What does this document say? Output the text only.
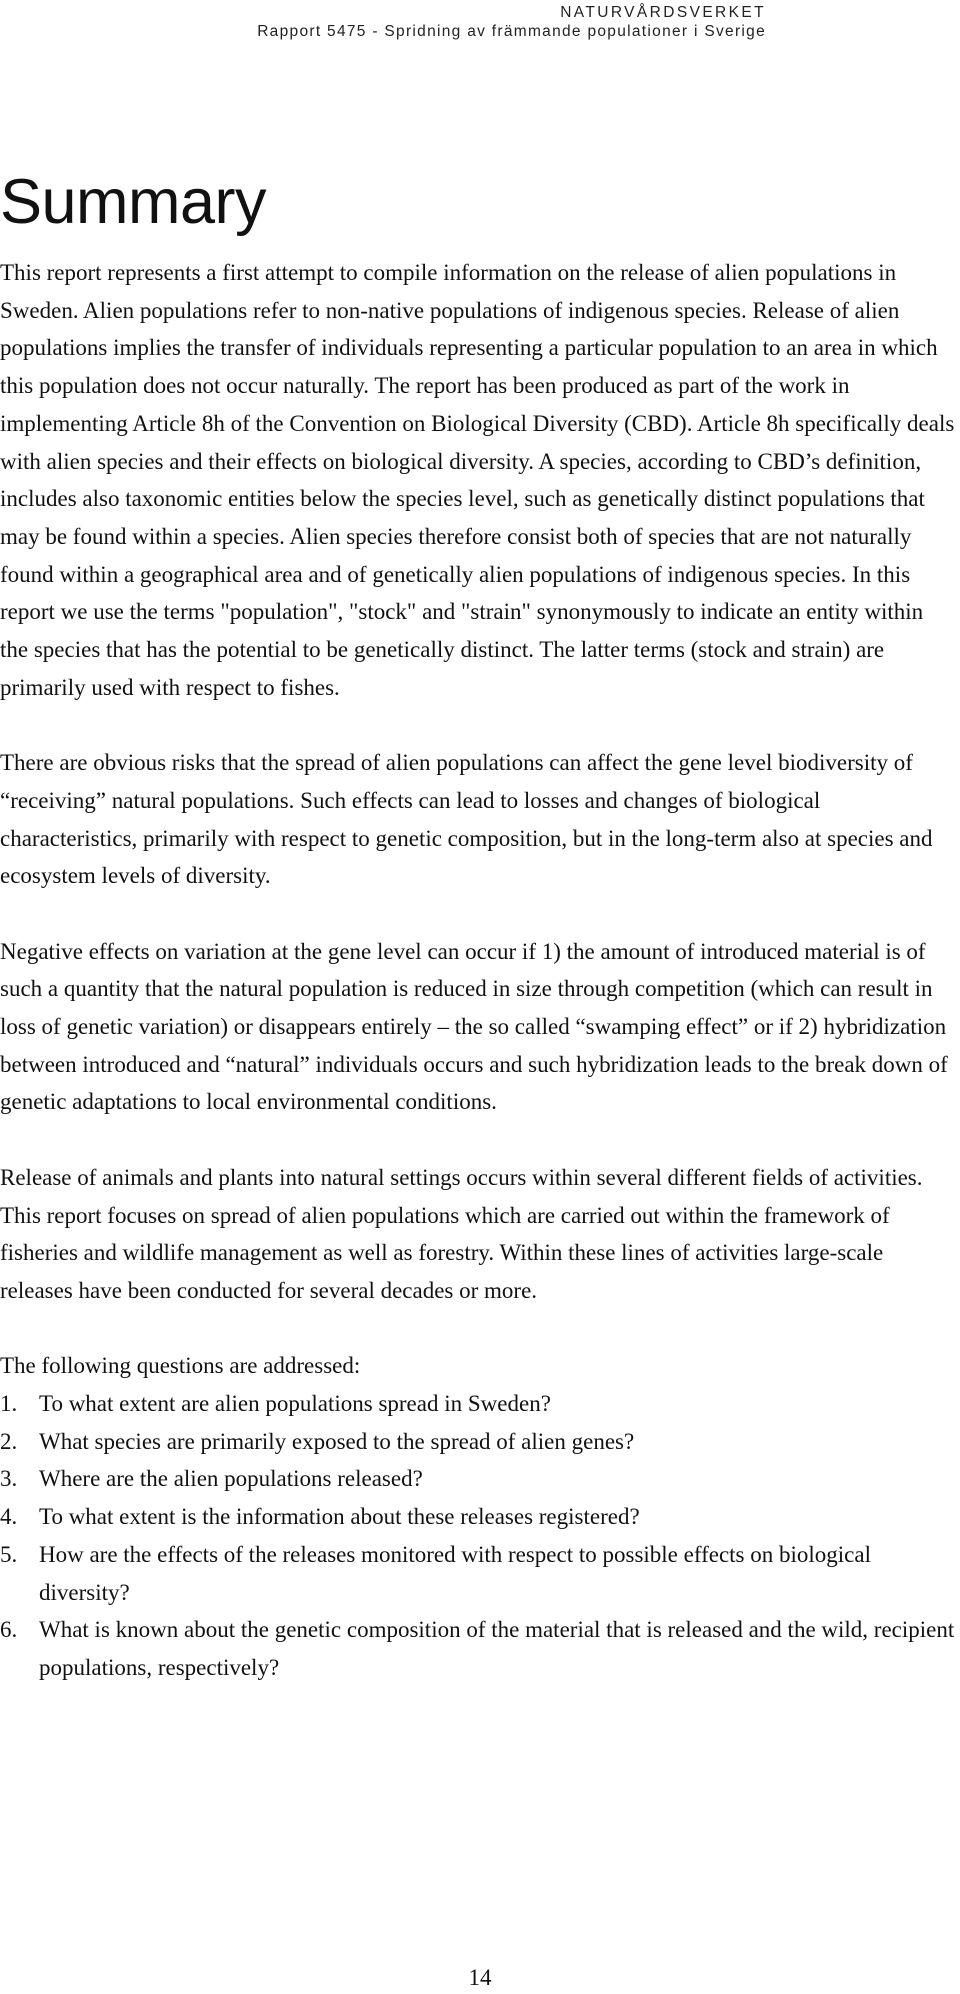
NATURVÅRDSVERKET
Rapport 5475 - Spridning av främmande populationer i Sverige
Summary

This report represents a first attempt to compile information on the release of alien populations in Sweden. Alien populations refer to non-native populations of indigenous species. Release of alien populations implies the transfer of individuals representing a particular population to an area in which this population does not occur naturally. The report has been produced as part of the work in implementing Article 8h of the Convention on Biological Diversity (CBD). Article 8h specifically deals with alien species and their effects on biological diversity. A species, according to CBD’s definition, includes also taxonomic entities below the species level, such as genetically distinct populations that may be found within a species. Alien species therefore consist both of species that are not naturally found within a geographical area and of genetically alien populations of indigenous species. In this report we use the terms "population", "stock" and "strain" synonymously to indicate an entity within the species that has the potential to be genetically distinct. The latter terms (stock and strain) are primarily used with respect to fishes.

There are obvious risks that the spread of alien populations can affect the gene level biodiversity of “receiving” natural populations. Such effects can lead to losses and changes of biological characteristics, primarily with respect to genetic composition, but in the long-term also at species and ecosystem levels of diversity.

Negative effects on variation at the gene level can occur if 1) the amount of introduced material is of such a quantity that the natural population is reduced in size through competition (which can result in loss of genetic variation) or disappears entirely – the so called “swamping effect” or if 2) hybridization between introduced and “natural” individuals occurs and such hybridization leads to the break down of genetic adaptations to local environmental conditions.

Release of animals and plants into natural settings occurs within several different fields of activities. This report focuses on spread of alien populations which are carried out within the framework of fisheries and wildlife management as well as forestry. Within these lines of activities large-scale releases have been conducted for several decades or more.

The following questions are addressed:
1. To what extent are alien populations spread in Sweden?
2. What species are primarily exposed to the spread of alien genes?
3. Where are the alien populations released?
4. To what extent is the information about these releases registered?
5. How are the effects of the releases monitored with respect to possible effects on biological diversity?
6. What is known about the genetic composition of the material that is released and the wild, recipient populations, respectively?
14
